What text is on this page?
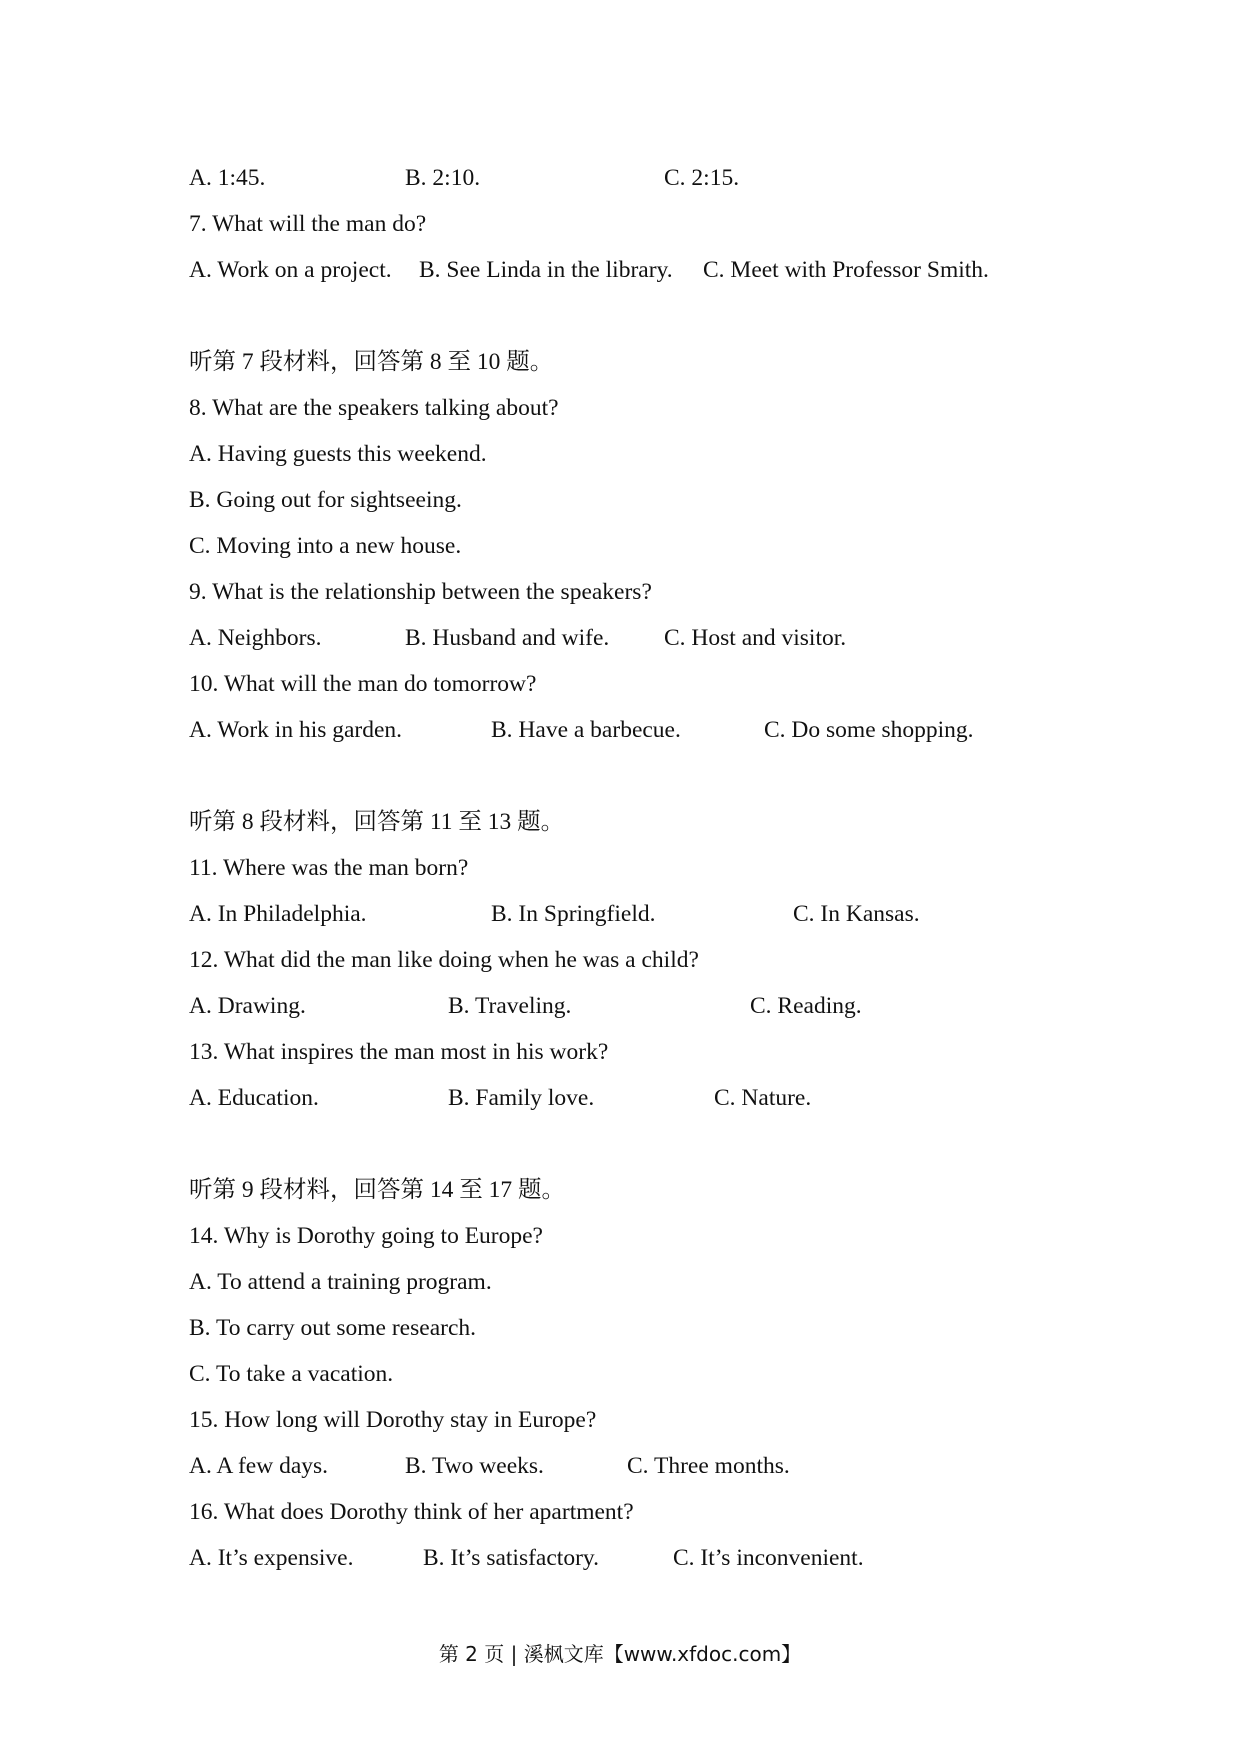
A. 1:45.	B. 2:10.	C. 2:15.
7. What will the man do?
A. Work on a project. B. See Linda in the library. C. Meet with Professor Smith.
听第 7 段材料，回答第 8 至 10 题。
8. What are the speakers talking about?
A. Having guests this weekend.
B. Going out for sightseeing.
C. Moving into a new house.
9. What is the relationship between the speakers?
A. Neighbors.	B. Husband and wife. C. Host and visitor.
10. What will the man do tomorrow?
A. Work in his garden.	B. Have a barbecue.	C. Do some shopping.
听第 8 段材料，回答第 11 至 13 题。
11. Where was the man born?
A. In Philadelphia.	B. In Springfield.	C. In Kansas.
12. What did the man like doing when he was a child?
A. Drawing.	B. Traveling.	C. Reading.
13. What inspires the man most in his work?
A. Education.	B. Family love.	C. Nature.
听第 9 段材料，回答第 14 至 17 题。
14. Why is Dorothy going to Europe?
A. To attend a training program.
B. To carry out some research.
C. To take a vacation.
15. How long will Dorothy stay in Europe?
A. A few days.	B. Two weeks.	C. Three months.
16. What does Dorothy think of her apartment?
A. It’s expensive.	B. It’s satisfactory.	C. It’s inconvenient.
第 2 页 | 溪枫文库【www.xfdoc.com】
